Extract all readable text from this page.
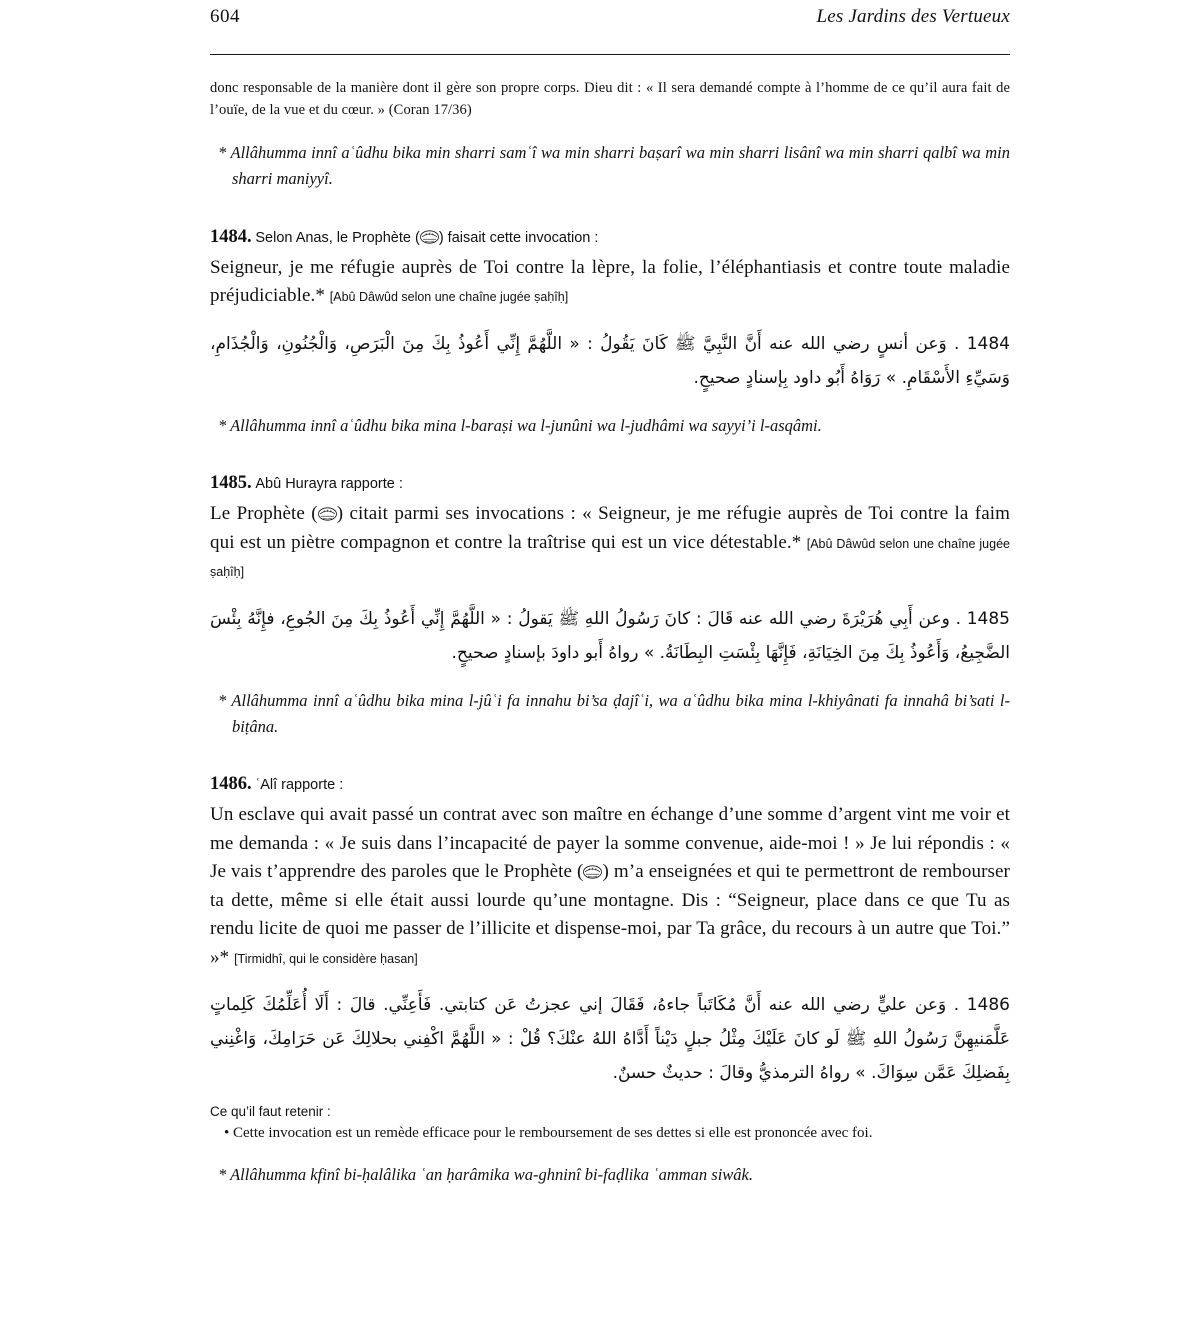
604	Les Jardins des Vertueux
donc responsable de la manière dont il gère son propre corps. Dieu dit : « Il sera demandé compte à l’homme de ce qu’il aura fait de l’ouïe, de la vue et du cœur. » (Coran 17/36)
* Allâhumma innî aʿûdhu bika min sharri samʿî wa min sharri baṣarî wa min sharri lisânî wa min sharri qalbî wa min sharri maniyyî.
1484. Selon Anas, le Prophète ( ) faisait cette invocation :
Seigneur, je me réfugie auprès de Toi contre la lèpre, la folie, l’éléphantiasis et contre toute maladie préjudiciable.* [Abû Dâwûd selon une chaîne jugée ṣaḥîḥ]
1484 . وَعن أنسٍ رضي الله عنه أَنَّ النَّبِيَّ ﷺ كَانَ يَقُولُ : « اللَّهُمَّ إِنِّي أَعُوذُ بِكَ مِنَ الْبَرَصِ، وَالْجُنُونِ، وَالْجُذَامِ، وَسَيِّءِ الأَسْقَامِ. » رَوَاهُ أَبُو داود بِإسنادٍ صحيحٍ.
* Allâhumma innî aʿûdhu bika mina l-baraṣi wa l-junûni wa l-judhâmi wa sayyi’i l-asqâmi.
1485. Abû Hurayra rapporte :
Le Prophète ( ) citait parmi ses invocations : « Seigneur, je me réfugie auprès de Toi contre la faim qui est un piètre compagnon et contre la traîtrise qui est un vice détestable.* [Abû Dâwûd selon une chaîne jugée ṣaḥîḥ]
1485 . وعن أَبِي هُرَيْرَةَ رضي الله عنه قَالَ : كانَ رَسُولُ اللهِ ﷺ يَقولُ : « اللَّهُمَّ إِنِّي أَعُوذُ بِكَ مِنَ الجُوعِ، فإِنَّهُ بِئْسَ الضَّجِيعُ، وَأَعُوذُ بِكَ مِنَ الخِيَانَةِ، فَإِنَّهَا بِئْسَتِ البِطَانَةُ. » رواهُ أَبو داودَ بإسنادٍ صحيحٍ.
* Allâhumma innî aʿûdhu bika mina l-jûʿi fa innahu bi’sa ḍajîʿi, wa aʿûdhu bika mina l-khiyânati fa innahâ bi’sati l-biṭâna.
1486. ʿAlî rapporte :
Un esclave qui avait passé un contrat avec son maître en échange d’une somme d’argent vint me voir et me demanda : « Je suis dans l’incapacité de payer la somme convenue, aide-moi ! » Je lui répondis : « Je vais t’apprendre des paroles que le Prophète ( ) m’a enseignées et qui te permettront de rembourser ta dette, même si elle était aussi lourde qu’une montagne. Dis : “Seigneur, place dans ce que Tu as rendu licite de quoi me passer de l’illicite et dispense-moi, par Ta grâce, du recours à un autre que Toi.” »* [Tirmidhî, qui le considère ḥasan]
1486 . وَعن عليٍّ رضي الله عنه أَنَّ مُكَاتَباً جاءهُ، فَقَالَ إني عجزتُ عَن كتابتي. فَأَعِنِّي. قالَ : أَلَا أُعَلِّمُكَ كَلِماتٍ عَلَّمَنيهِنَّ رَسُولُ اللهِ ﷺ لَو كانَ عَلَيْكَ مِثْلُ جبلٍ دَيْناً أَدَّاهُ اللهُ عنْكَ؟ قُلْ : « اللَّهُمَّ اكْفِني بحلالِكَ عَن حَرَامِكَ، وَاغْنِني بِفَضلِكَ عَمَّن سِوَاكَ. » رواهُ الترمذيُّ وقالَ : حديثٌ حسنٌ.
Ce qu’il faut retenir :
• Cette invocation est un remède efficace pour le remboursement de ses dettes si elle est prononcée avec foi.
* Allâhumma kfinî bi-ḥalâlika ʿan ḥarâmika wa-ghninî bi-faḍlika ʿamman siwâk.
